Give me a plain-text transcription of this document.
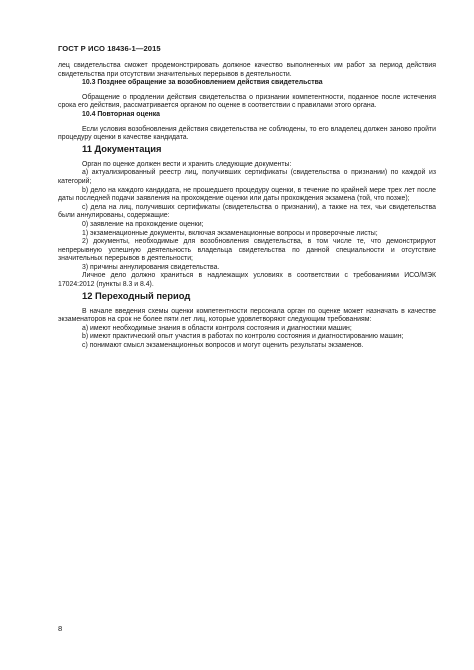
ГОСТ Р ИСО 18436-1—2015

лец свидетельства сможет продемонстрировать должное качество выполненных им работ за период действия свидетельства при отсутствии значительных перерывов в деятельности.

10.3 Позднее обращение за возобновлением действия свидетельства

Обращение о продлении действия свидетельства о признании компетентности, поданное после истечения срока его действия, рассматривается органом по оценке в соответствии с правилами этого органа.

10.4 Повторная оценка

Если условия возобновления действия свидетельства не соблюдены, то его владелец должен заново пройти процедуру оценки в качестве кандидата.

11 Документация

Орган по оценке должен вести и хранить следующие документы:

а) актуализированный реестр лиц, получивших сертификаты (свидетельства о признании) по каждой из категорий;

b) дело на каждого кандидата, не прошедшего процедуру оценки, в течение по крайней мере трех лет после даты последней подачи заявления на прохождение оценки или даты прохождения экзамена (той, что позже);

с) дела на лиц, получивших сертификаты (свидетельства о признании), а также на тех, чьи свидетельства были аннулированы, содержащие:

0) заявление на прохождение оценки;

1) экзаменационные документы, включая экзаменационные вопросы и проверочные листы;

2) документы, необходимые для возобновления свидетельства, в том числе те, что демонстрируют непрерывную успешную деятельность владельца свидетельства по данной специальности и отсутствие значительных перерывов в деятельности;

3) причины аннулирования свидетельства.

Личное дело должно храниться в надлежащих условиях в соответствии с требованиями ИСО/МЭК 17024:2012 (пункты 8.3 и 8.4).

12 Переходный период

В начале введения схемы оценки компетентности персонала орган по оценке может назначать в качестве экзаменаторов на срок не более пяти лет лиц, которые удовлетворяют следующим требованиям:

а) имеют необходимые знания в области контроля состояния и диагностики машин;

b) имеют практический опыт участия в работах по контролю состояния и диагностированию машин;

с) понимают смысл экзаменационных вопросов и могут оценить результаты экзаменов.

8
